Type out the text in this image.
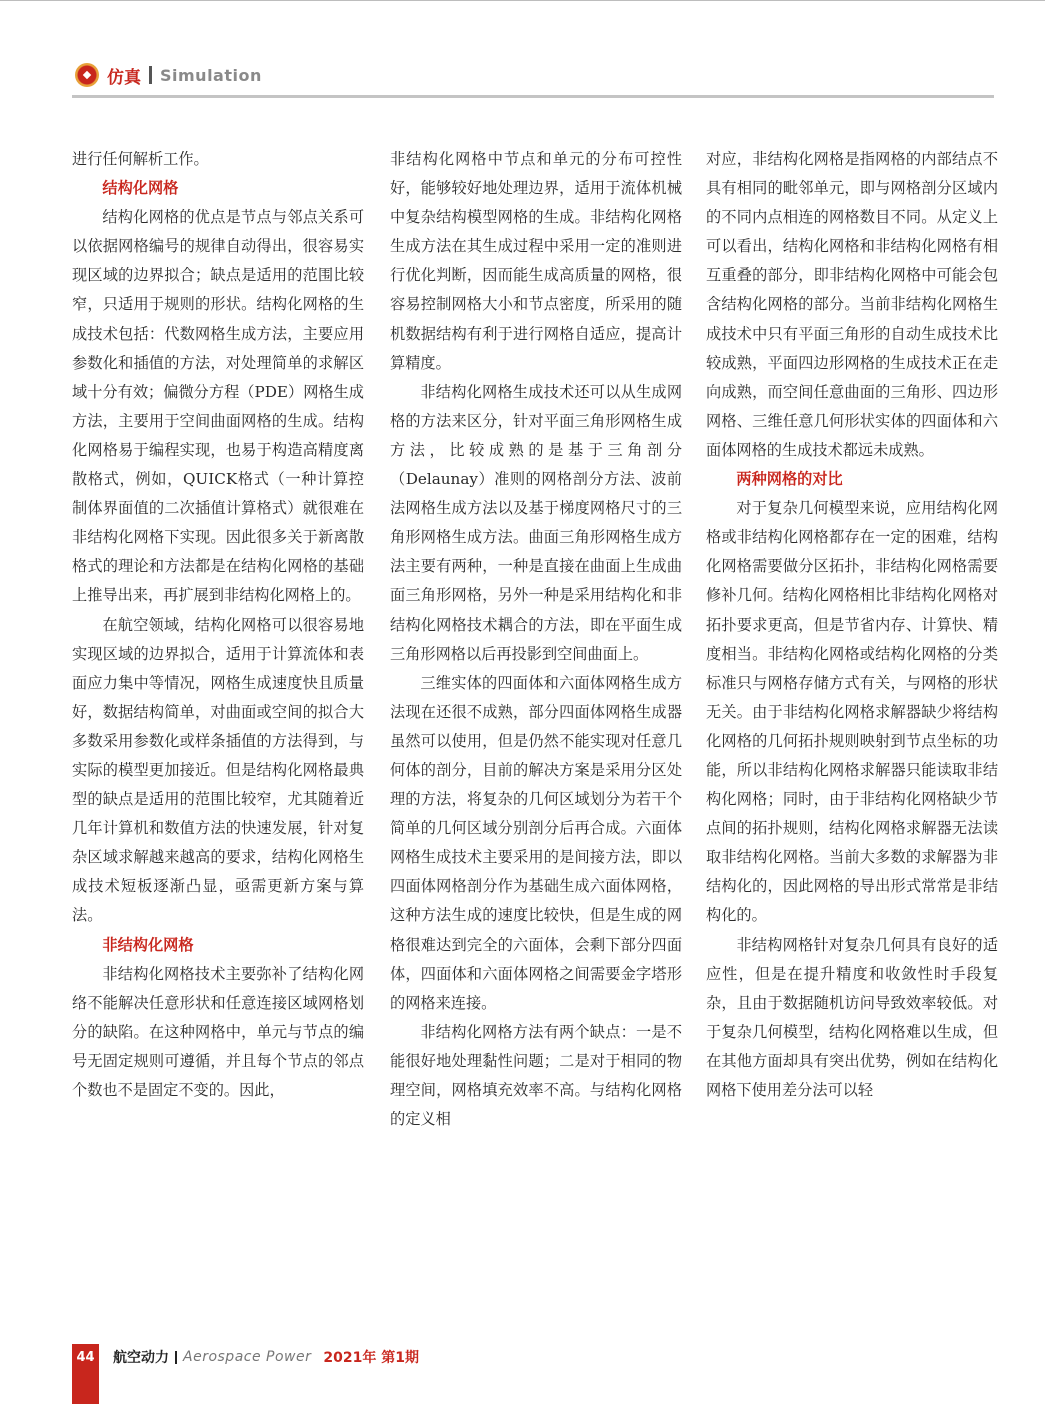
仿真 Simulation

进行任何解析工作。

结构化网格

结构化网格的优点是节点与邻点关系可以依据网格编号的规律自动得出，很容易实现区域的边界拟合；缺点是适用的范围比较窄，只适用于规则的形状。结构化网格的生成技术包括：代数网格生成方法，主要应用参数化和插值的方法，对处理简单的求解区域十分有效；偏微分方程（PDE）网格生成方法，主要用于空间曲面网格的生成。结构化网格易于编程实现，也易于构造高精度离散格式，例如，QUICK格式（一种计算控制体界面值的二次插值计算格式）就很难在非结构化网格下实现。因此很多关于新离散格式的理论和方法都是在结构化网格的基础上推导出来，再扩展到非结构化网格上的。

在航空领域，结构化网格可以很容易地实现区域的边界拟合，适用于计算流体和表面应力集中等情况，网格生成速度快且质量好，数据结构简单，对曲面或空间的拟合大多数采用参数化或样条插值的方法得到，与实际的模型更加接近。但是结构化网格最典型的缺点是适用的范围比较窄，尤其随着近几年计算机和数值方法的快速发展，针对复杂区域求解越来越高的要求，结构化网格生成技术短板逐渐凸显，亟需更新方案与算法。

非结构化网格

非结构化网格技术主要弥补了结构化网络不能解决任意形状和任意连接区域网格划分的缺陷。在这种网格中，单元与节点的编号无固定规则可遵循，并且每个节点的邻点个数也不是固定不变的。因此，

非结构化网格中节点和单元的分布可控性好，能够较好地处理边界，适用于流体机械中复杂结构模型网格的生成。非结构化网格生成方法在其生成过程中采用一定的准则进行优化判断，因而能生成高质量的网格，很容易控制网格大小和节点密度，所采用的随机数据结构有利于进行网格自适应，提高计算精度。

非结构化网格生成技术还可以从生成网格的方法来区分，针对平面三角形网格生成方法，比较成熟的是基于三角剖分（Delaunay）准则的网格剖分方法、波前法网格生成方法以及基于梯度网格尺寸的三角形网格生成方法。曲面三角形网格生成方法主要有两种，一种是直接在曲面上生成曲面三角形网格，另外一种是采用结构化和非结构化网格技术耦合的方法，即在平面生成三角形网格以后再投影到空间曲面上。

三维实体的四面体和六面体网格生成方法现在还很不成熟，部分四面体网格生成器虽然可以使用，但是仍然不能实现对任意几何体的剖分，目前的解决方案是采用分区处理的方法，将复杂的几何区域划分为若干个简单的几何区域分别剖分后再合成。六面体网格生成技术主要采用的是间接方法，即以四面体网格剖分作为基础生成六面体网格，这种方法生成的速度比较快，但是生成的网格很难达到完全的六面体，会剩下部分四面体，四面体和六面体网格之间需要金字塔形的网格来连接。

非结构化网格方法有两个缺点：一是不能很好地处理黏性问题；二是对于相同的物理空间，网格填充效率不高。与结构化网格的定义相

对应，非结构化网格是指网格的内部结点不具有相同的毗邻单元，即与网格剖分区域内的不同内点相连的网格数目不同。从定义上可以看出，结构化网格和非结构化网格有相互重叠的部分，即非结构化网格中可能会包含结构化网格的部分。当前非结构化网格生成技术中只有平面三角形的自动生成技术比较成熟，平面四边形网格的生成技术正在走向成熟，而空间任意曲面的三角形、四边形网格、三维任意几何形状实体的四面体和六面体网格的生成技术都远未成熟。

两种网格的对比

对于复杂几何模型来说，应用结构化网格或非结构化网格都存在一定的困难，结构化网格需要做分区拓扑，非结构化网格需要修补几何。结构化网格相比非结构化网格对拓扑要求更高，但是节省内存、计算快、精度相当。非结构化网格或结构化网格的分类标准只与网格存储方式有关，与网格的形状无关。由于非结构化网格求解器缺少将结构化网格的几何拓扑规则映射到节点坐标的功能，所以非结构化网格求解器只能读取非结构化网格；同时，由于非结构化网格缺少节点间的拓扑规则，结构化网格求解器无法读取非结构化网格。当前大多数的求解器为非结构化的，因此网格的导出形式常常是非结构化的。

非结构网格针对复杂几何具有良好的适应性，但是在提升精度和收敛性时手段复杂，且由于数据随机访问导致效率较低。对于复杂几何模型，结构化网格难以生成，但在其他方面却具有突出优势，例如在结构化网格下使用差分法可以轻

44	航空动力 Aerospace Power 2021年 第1期
